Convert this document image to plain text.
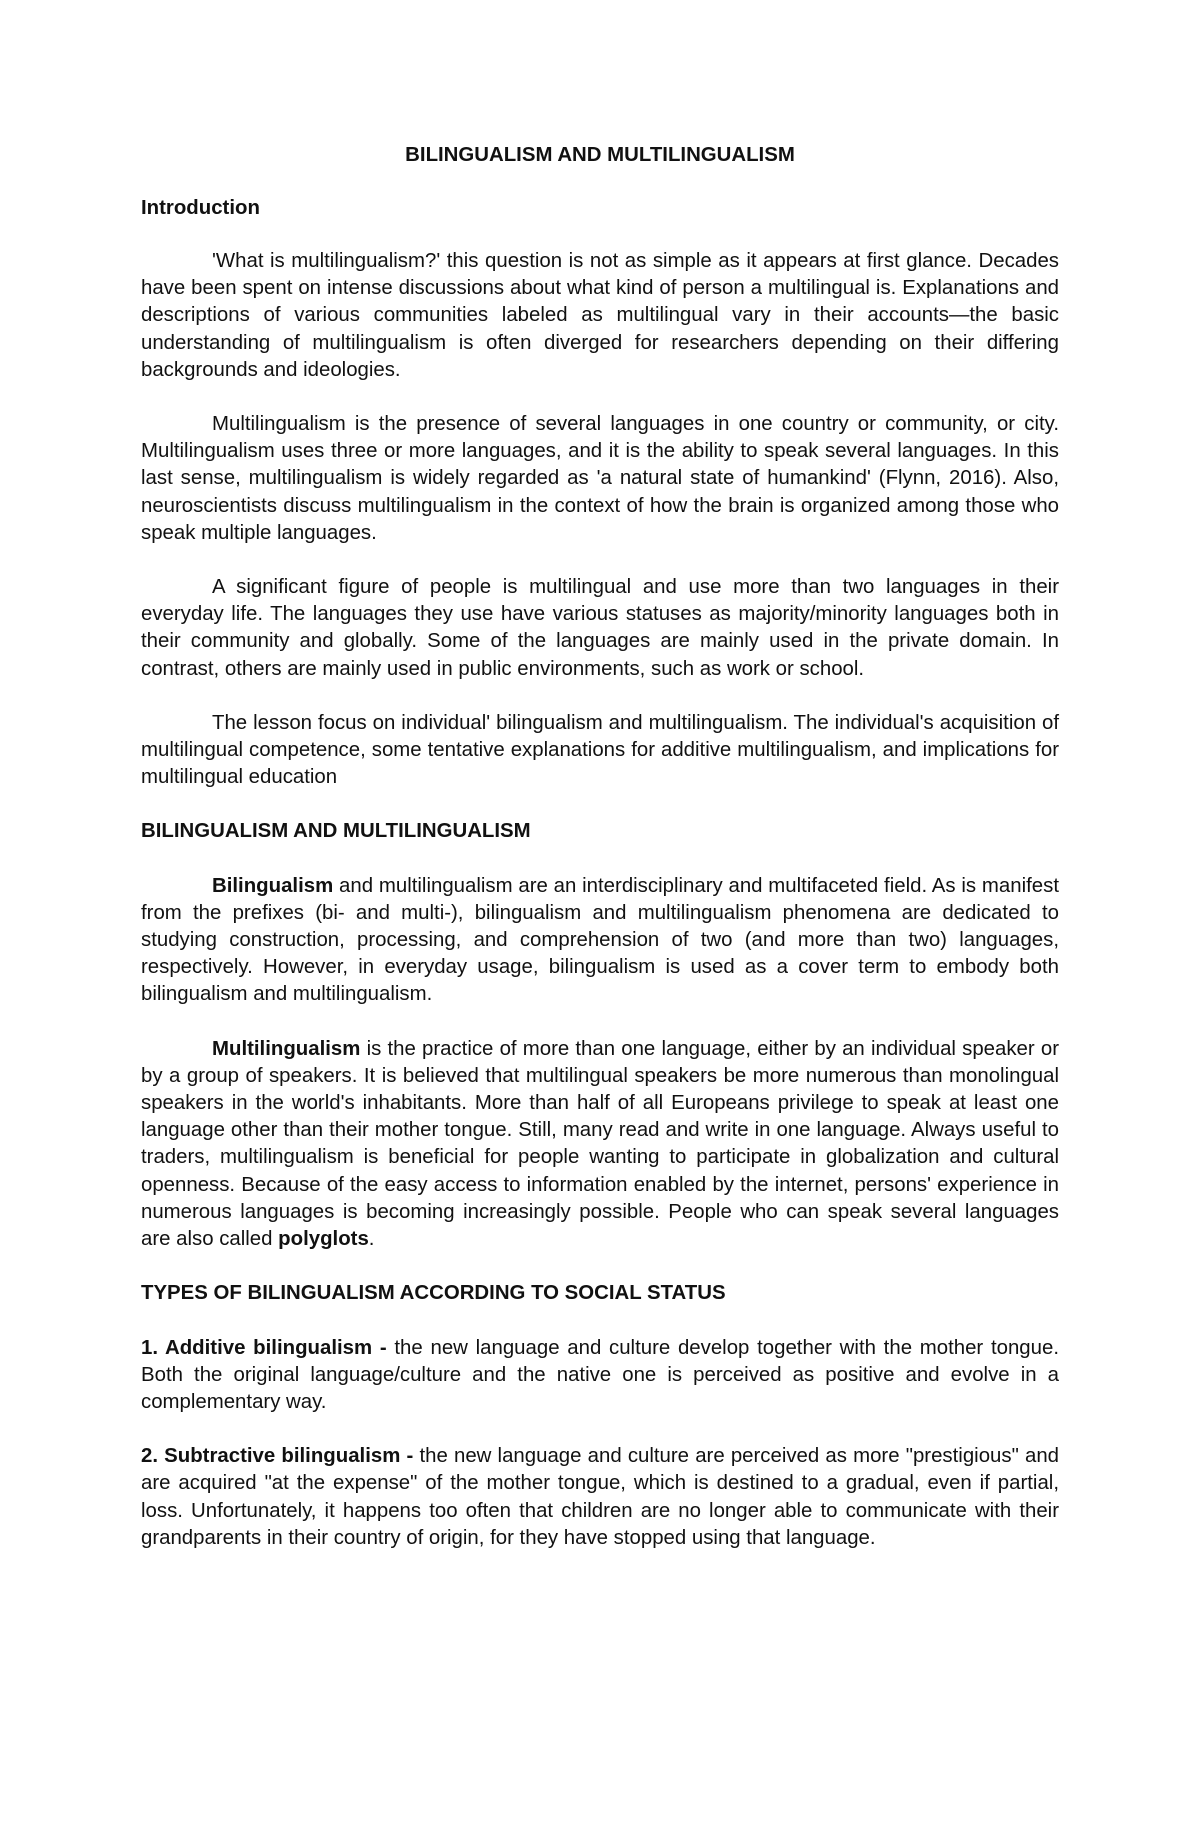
BILINGUALISM AND MULTILINGUALISM
Introduction

'What is multilingualism?' this question is not as simple as it appears at first glance. Decades have been spent on intense discussions about what kind of person a multilingual is. Explanations and descriptions of various communities labeled as multilingual vary in their accounts—the basic understanding of multilingualism is often diverged for researchers depending on their differing backgrounds and ideologies.

Multilingualism is the presence of several languages in one country or community, or city. Multilingualism uses three or more languages, and it is the ability to speak several languages. In this last sense, multilingualism is widely regarded as 'a natural state of humankind' (Flynn, 2016). Also, neuroscientists discuss multilingualism in the context of how the brain is organized among those who speak multiple languages.

A significant figure of people is multilingual and use more than two languages in their everyday life. The languages they use have various statuses as majority/minority languages both in their community and globally. Some of the languages are mainly used in the private domain. In contrast, others are mainly used in public environments, such as work or school.

The lesson focus on individual' bilingualism and multilingualism. The individual's acquisition of multilingual competence, some tentative explanations for additive multilingualism, and implications for multilingual education

BILINGUALISM AND MULTILINGUALISM

Bilingualism and multilingualism are an interdisciplinary and multifaceted field. As is manifest from the prefixes (bi- and multi-), bilingualism and multilingualism phenomena are dedicated to studying construction, processing, and comprehension of two (and more than two) languages, respectively. However, in everyday usage, bilingualism is used as a cover term to embody both bilingualism and multilingualism.

Multilingualism is the practice of more than one language, either by an individual speaker or by a group of speakers. It is believed that multilingual speakers be more numerous than monolingual speakers in the world's inhabitants. More than half of all Europeans privilege to speak at least one language other than their mother tongue. Still, many read and write in one language. Always useful to traders, multilingualism is beneficial for people wanting to participate in globalization and cultural openness. Because of the easy access to information enabled by the internet, persons' experience in numerous languages is becoming increasingly possible. People who can speak several languages are also called polyglots.

TYPES OF BILINGUALISM ACCORDING TO SOCIAL STATUS

1. Additive bilingualism - the new language and culture develop together with the mother tongue. Both the original language/culture and the native one is perceived as positive and evolve in a complementary way.

2. Subtractive bilingualism - the new language and culture are perceived as more "prestigious" and are acquired "at the expense" of the mother tongue, which is destined to a gradual, even if partial, loss. Unfortunately, it happens too often that children are no longer able to communicate with their grandparents in their country of origin, for they have stopped using that language.
